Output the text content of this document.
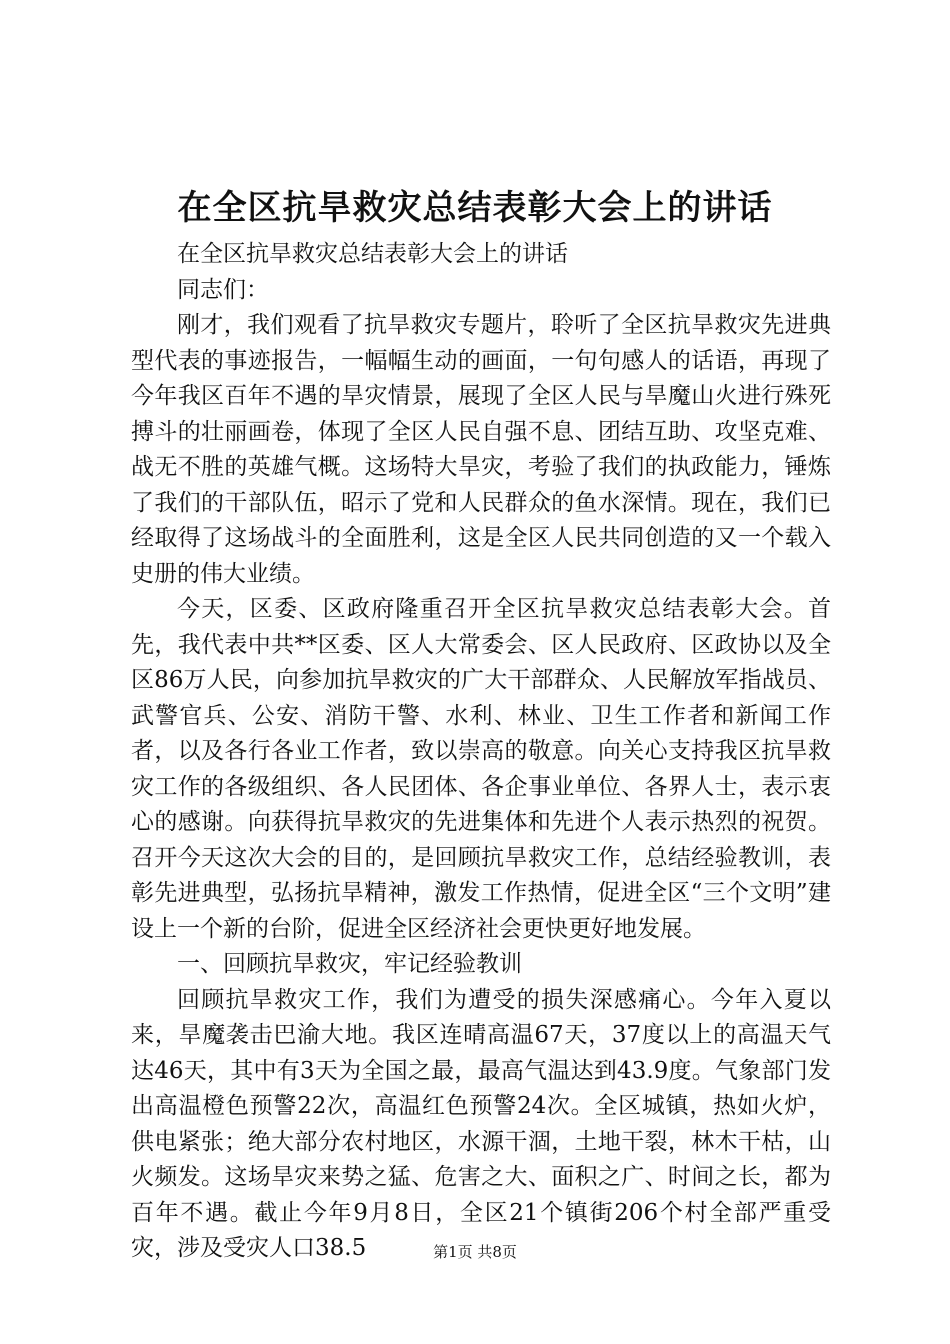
在全区抗旱救灾总结表彰大会上的讲话

在全区抗旱救灾总结表彰大会上的讲话

同志们：

刚才，我们观看了抗旱救灾专题片，聆听了全区抗旱救灾先进典型代表的事迹报告，一幅幅生动的画面，一句句感人的话语，再现了今年我区百年不遇的旱灾情景，展现了全区人民与旱魔山火进行殊死搏斗的壮丽画卷，体现了全区人民自强不息、团结互助、攻坚克难、战无不胜的英雄气概。这场特大旱灾，考验了我们的执政能力，锤炼了我们的干部队伍，昭示了党和人民群众的鱼水深情。现在，我们已经取得了这场战斗的全面胜利，这是全区人民共同创造的又一个载入史册的伟大业绩。

今天，区委、区政府隆重召开全区抗旱救灾总结表彰大会。首先，我代表中共**区委、区人大常委会、区人民政府、区政协以及全区86万人民，向参加抗旱救灾的广大干部群众、人民解放军指战员、武警官兵、公安、消防干警、水利、林业、卫生工作者和新闻工作者，以及各行各业工作者，致以崇高的敬意。向关心支持我区抗旱救灾工作的各级组织、各人民团体、各企事业单位、各界人士，表示衷心的感谢。向获得抗旱救灾的先进集体和先进个人表示热烈的祝贺。召开今天这次大会的目的，是回顾抗旱救灾工作，总结经验教训，表彰先进典型，弘扬抗旱精神，激发工作热情，促进全区“三个文明”建设上一个新的台阶，促进全区经济社会更快更好地发展。

一、回顾抗旱救灾，牢记经验教训

回顾抗旱救灾工作，我们为遭受的损失深感痛心。今年入夏以来，旱魔袭击巴渝大地。我区连晴高温67天，37度以上的高温天气达46天，其中有3天为全国之最，最高气温达到43.9度。气象部门发出高温橙色预警22次，高温红色预警24次。全区城镇，热如火炉，供电紧张；绝大部分农村地区，水源干涸，土地干裂，林木干枯，山火频发。这场旱灾来势之猛、危害之大、面积之广、时间之长，都为百年不遇。截止今年9月8日，全区21个镇街206个村全部严重受灾，涉及受灾人口38.5	第1页 共8页
